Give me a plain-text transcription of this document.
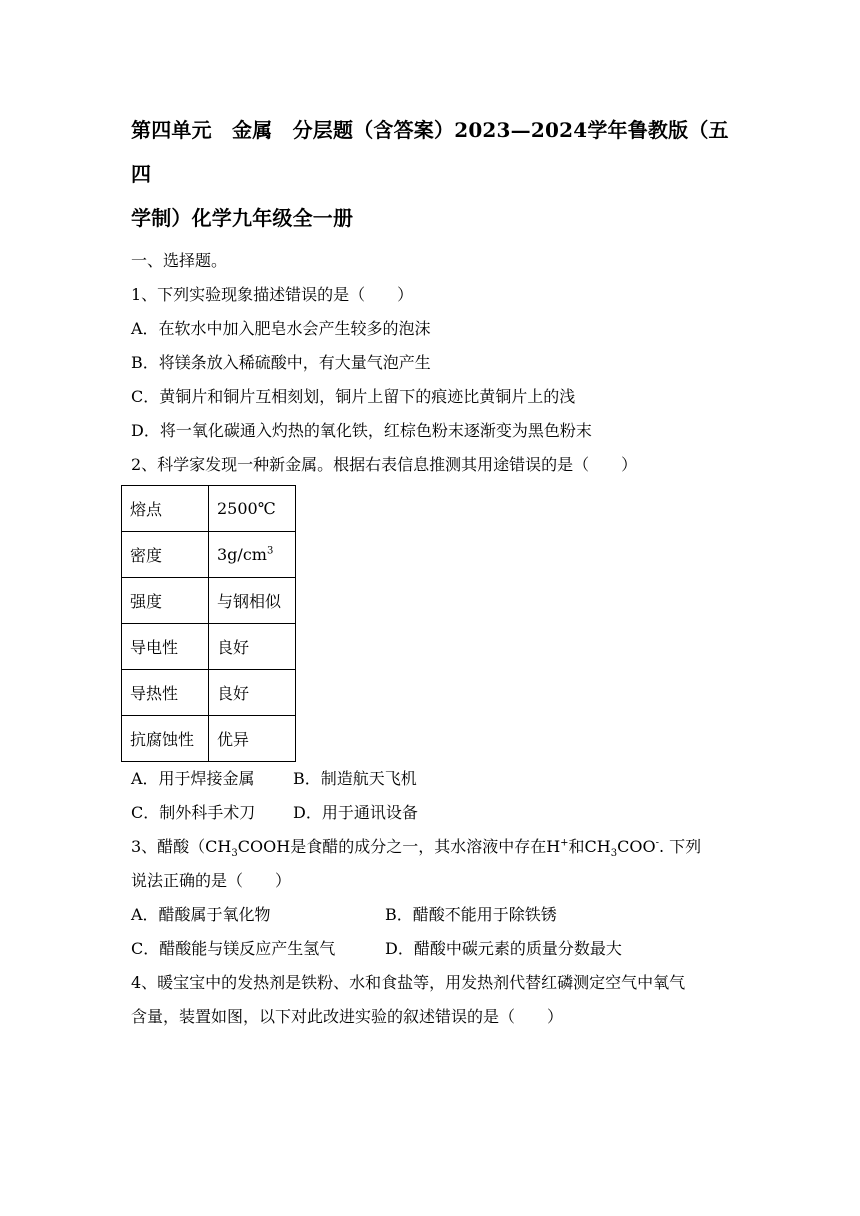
第四单元　金属　分层题（含答案）2023—2024学年鲁教版（五四

学制）化学九年级全一册

一、选择题。

1、下列实验现象描述错误的是（　　）

A．在软水中加入肥皂水会产生较多的泡沫

B．将镁条放入稀硫酸中，有大量气泡产生

C．黄铜片和铜片互相刻划，铜片上留下的痕迹比黄铜片上的浅

D．将一氧化碳通入灼热的氧化铁，红棕色粉末逐渐变为黑色粉末

2、科学家发现一种新金属。根据右表信息推测其用途错误的是（　　）

熔点	2500℃
密度	$3g/cm^3$
强度	与钢相似
导电性	良好
导热性	良好
抗腐蚀性	优异
A．用于焊接金属	B．制造航天飞机
C．制外科手术刀	D．用于通讯设备

3、醋酸（$CH_3COOH$是食醋的成分之一，其水溶液中存在H+和$CH_3COO^-$. 下列

说法正确的是（　　）

A．醋酸属于氧化物	B．醋酸不能用于除铁锈
C．醋酸能与镁反应产生氢气	D．醋酸中碳元素的质量分数最大

4、暖宝宝中的发热剂是铁粉、水和食盐等，用发热剂代替红磷测定空气中氧气

含量，装置如图，以下对此改进实验的叙述错误的是（　　）
